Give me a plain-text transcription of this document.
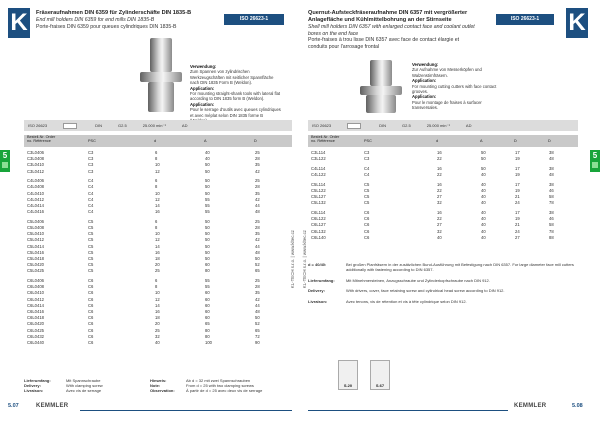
K	Fräseraufnahmen DIN 6359 für Zylinderschäfte DIN 1835-B
End mill holders DIN 6359 for end mills DIN 1835-B
Porte-fraises DIN 6359 pour queues cylindriques DIN 1835-B
ISO 26623-1
Verwendung:
Zum Spannen von zylindrischen Werkzeugschäften mit seitlicher Spannfläche nach DIN 1835 Form B (Weldon).
Application:
For mounting straight-shank tools with lateral flat according to DIN 1835 form B (Weldon).
Application:
Pour le serrage d'outils avec queues cylindriques et avec méplat selon DIN 1835 forme B
ISO 26623	DIN	G2.5	25.000 min⁻¹	AD
Bestell-Nr. Order no. Référence	PSC	d	A	D
C3L0406	C3	6	40	25
C3L0408	C3	8	40	28
C3L0410	C3	10	50	35
C3L0412	C3	12	50	42
C4L0406	C4	6	50	25
C4L0408	C4	8	50	28
C4L0410	C4	10	50	35
C4L0412	C4	12	55	42
C4L0414	C4	14	55	44
C4L0416	C4	16	55	48
C5L0406	C5	6	50	25
C5L0408	C5	8	50	28
C5L0410	C5	10	50	35
C5L0412	C5	12	50	42
C5L0414	C5	14	50	44
C5L0416	C5	16	50	48
C5L0418	C5	18	50	50
C5L0420	C5	20	60	52
C5L0425	C5	25	80	65
C6L0406	C6	6	55	25
C6L0408	C6	8	55	28
C6L0410	C6	10	60	35
C6L0412	C6	12	60	42
C6L0414	C6	14	60	44
C6L0416	C6	16	60	48
C6L0418	C6	18	60	50
C6L0420	C6	20	65	52
C6L0425	C6	25	80	65
C6L0432	C6	32	80	72
C6L0440	C6	40	100	90
Lieferumfang:	Mit Spannschraube
Delivery:	With clamping screw
Livraison:	Avec vis de serrage
Hinweis:	Ab d = 32 mit zwei Spannschrauben
Note:	From d = 25 with two clamping screws
Observation:	À partir de d = 25 avec deux vis de serrage
5
KL-TECH s.r.o. | www.kltec.cz
5.07	KEMMLER
Quernut-Aufsteckfräseraufnahme DIN 6357 mit vergrößerter Anlagefläche und Kühlmittelbohrung an der Stirnseite
Shell mill holders DIN 6357 with enlarged contact face and coolant outlet bores on the end face
Porte-fraises à trou lisse DIN 6357 avec face de contact élargie et conduits pour l'arrosage frontal
ISO 26623-1	K
Verwendung:
Zur Aufnahme von Messerköpfen und Walzenstirnfräsern.
Application:
For mounting cutting cutters with face contact grooves.
Application:
Pour le montage de fraises à surfacer transversales.
ISO 26623	DIN	G2.5	25.000 min⁻¹	AD
Bestell-Nr. Order no. Référence	PSC	d	A	D	D
C3L114	C3	16	50	17	38
C3L122	C3	22	50	19	48
C4L114	C4	16	50	17	38
C4L122	C4	22	40	19	48
C5L114	C5	16	40	17	38
C5L122	C5	22	40	19	46
C5L127	C5	27	40	21	58
C5L132	C5	32	40	24	78
C6L114	C6	16	40	17	38
C6L122	C6	22	40	19	46
C6L127	C6	27	40	21	58
C6L132	C6	32	40	24	78
C6L140	C6	40	40	27	88
d = 40/40:	Bei großen Planfräsern in der zusätzlichen Bund-Ausführung mit Befestigung nach DIN 6357. For large diameter face mill cutters additionally with fastening according to DIN 6357.
Lieferumfang:	Mit Mitnehmersteinen, Anzugsschraube und Zylinderkopfschraube nach DIN 912.
Delivery:	With drivers, cover, face retaining screw and cylindrical head screw according to DIN 912.
Livraison:	Avec tenons, vis de rétention et vis à tête cylindrique selon DIN 912.
S.20	S.67
5
KL-TECH s.r.o. | www.kltec.cz
KEMMLER	5.08
